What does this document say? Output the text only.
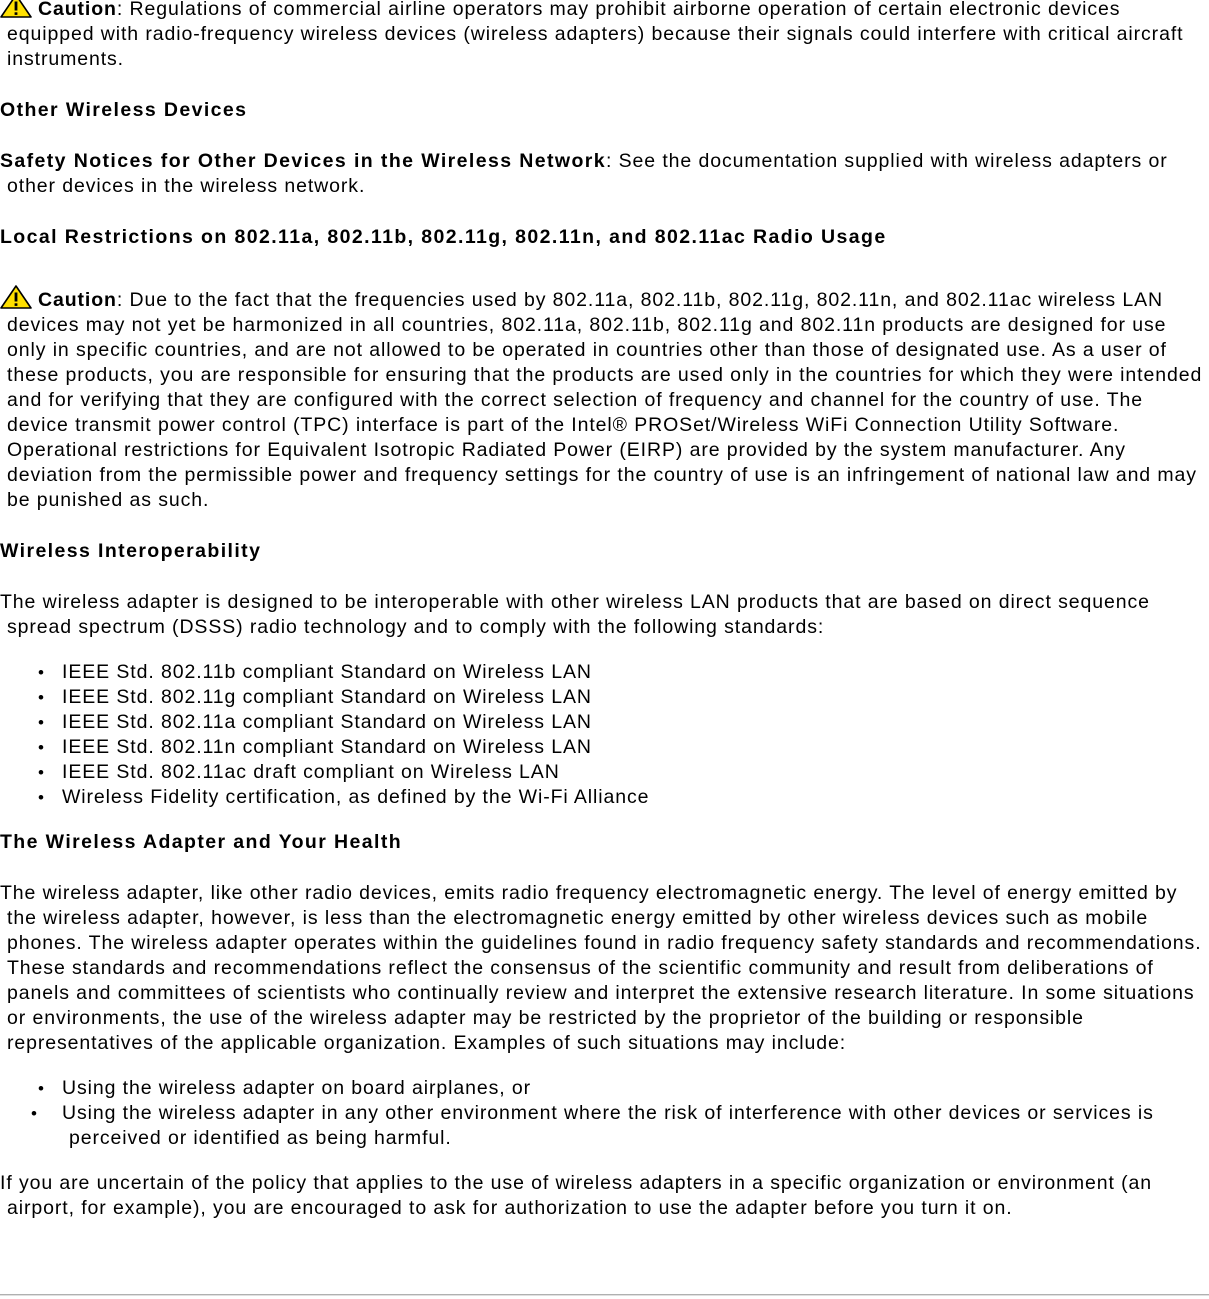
Caution: Regulations of commercial airline operators may prohibit airborne operation of certain electronic devices equipped with radio-frequency wireless devices (wireless adapters) because their signals could interfere with critical aircraft instruments.

Other Wireless Devices

Safety Notices for Other Devices in the Wireless Network: See the documentation supplied with wireless adapters or other devices in the wireless network.

Local Restrictions on 802.11a, 802.11b, 802.11g, 802.11n, and 802.11ac Radio Usage

Caution: Due to the fact that the frequencies used by 802.11a, 802.11b, 802.11g, 802.11n, and 802.11ac wireless LAN devices may not yet be harmonized in all countries, 802.11a, 802.11b, 802.11g and 802.11n products are designed for use only in specific countries, and are not allowed to be operated in countries other than those of designated use. As a user of these products, you are responsible for ensuring that the products are used only in the countries for which they were intended and for verifying that they are configured with the correct selection of frequency and channel for the country of use. The device transmit power control (TPC) interface is part of the Intel® PROSet/Wireless WiFi Connection Utility Software. Operational restrictions for Equivalent Isotropic Radiated Power (EIRP) are provided by the system manufacturer. Any deviation from the permissible power and frequency settings for the country of use is an infringement of national law and may be punished as such.

Wireless Interoperability

The wireless adapter is designed to be interoperable with other wireless LAN products that are based on direct sequence spread spectrum (DSSS) radio technology and to comply with the following standards:

• IEEE Std. 802.11b compliant Standard on Wireless LAN
• IEEE Std. 802.11g compliant Standard on Wireless LAN
• IEEE Std. 802.11a compliant Standard on Wireless LAN
• IEEE Std. 802.11n compliant Standard on Wireless LAN
• IEEE Std. 802.11ac draft compliant on Wireless LAN
• Wireless Fidelity certification, as defined by the Wi-Fi Alliance

The Wireless Adapter and Your Health

The wireless adapter, like other radio devices, emits radio frequency electromagnetic energy. The level of energy emitted by the wireless adapter, however, is less than the electromagnetic energy emitted by other wireless devices such as mobile phones. The wireless adapter operates within the guidelines found in radio frequency safety standards and recommendations. These standards and recommendations reflect the consensus of the scientific community and result from deliberations of panels and committees of scientists who continually review and interpret the extensive research literature. In some situations or environments, the use of the wireless adapter may be restricted by the proprietor of the building or responsible representatives of the applicable organization. Examples of such situations may include:

• Using the wireless adapter on board airplanes, or
• Using the wireless adapter in any other environment where the risk of interference with other devices or services is perceived or identified as being harmful.

If you are uncertain of the policy that applies to the use of wireless adapters in a specific organization or environment (an airport, for example), you are encouraged to ask for authorization to use the adapter before you turn it on.
